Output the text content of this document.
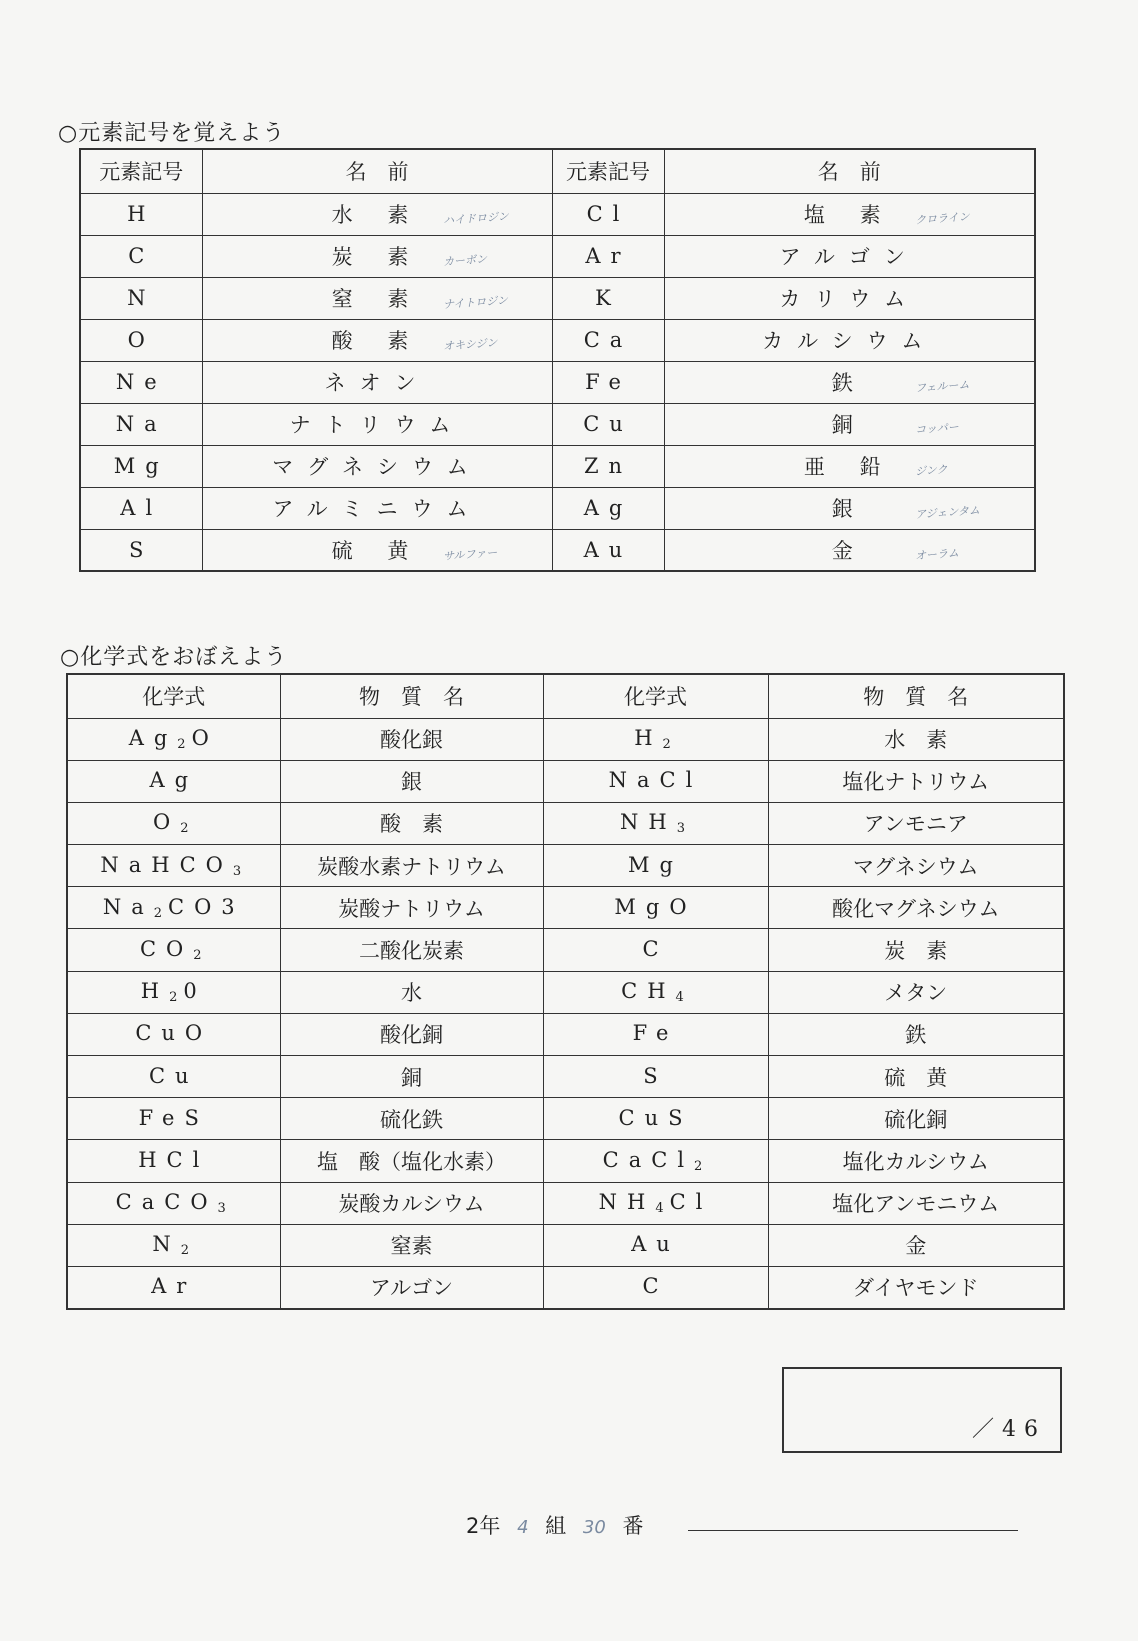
○元素記号を覚えよう
元素記号	名　前	元素記号	名　前
H	水 素 ハイドロジン	Cl	塩 素 クロライン

C	炭 素 カーボン	Ar	アルゴン
N	窒 素 ナイトロジン	K	カリウム
O	酸 素 オキシジン	Ca	カルシウム
Ne	ネオン	Fe	鉄 フェルーム

Na	ナトリウム	Cu	銅 コッパー

Mg	マグネシウム	Zn	亜 鉛 ジンク

Al	アルミニウム	Ag	銀 アジェンタム

S	硫 黄 サルファー	Au	金 オーラム
○化学式をおぼえよう
化学式	物　質　名	化学式	物　質　名
$Ag_2O$	酸化銀	$H_2$	水　素
Ag	銀	NaCl	塩化ナトリウム
$O_2$	酸　素	$NH_3$	アンモニア
NaHCO$_3$	炭酸水素ナトリウム	Mg	マグネシウム
$Na_2CO3$	炭酸ナトリウム	MgO	酸化マグネシウム
$CO_2$	二酸化炭素	C	炭　素
$H_20$	水	$CH_4$	メタン
CuO	酸化銅	Fe	鉄
Cu	銅	S	硫　黄
FeS	硫化鉄	CuS	硫化銅
HCl	塩　酸（塩化水素）	CaCl$_2$	塩化カルシウム
CaCO$_3$	炭酸カルシウム	$NH_4Cl$	塩化アンモニウム
$N_2$	窒素	Au	金
Ar	アルゴン	C	ダイヤモンド
／46
2年 4 組 30 番
